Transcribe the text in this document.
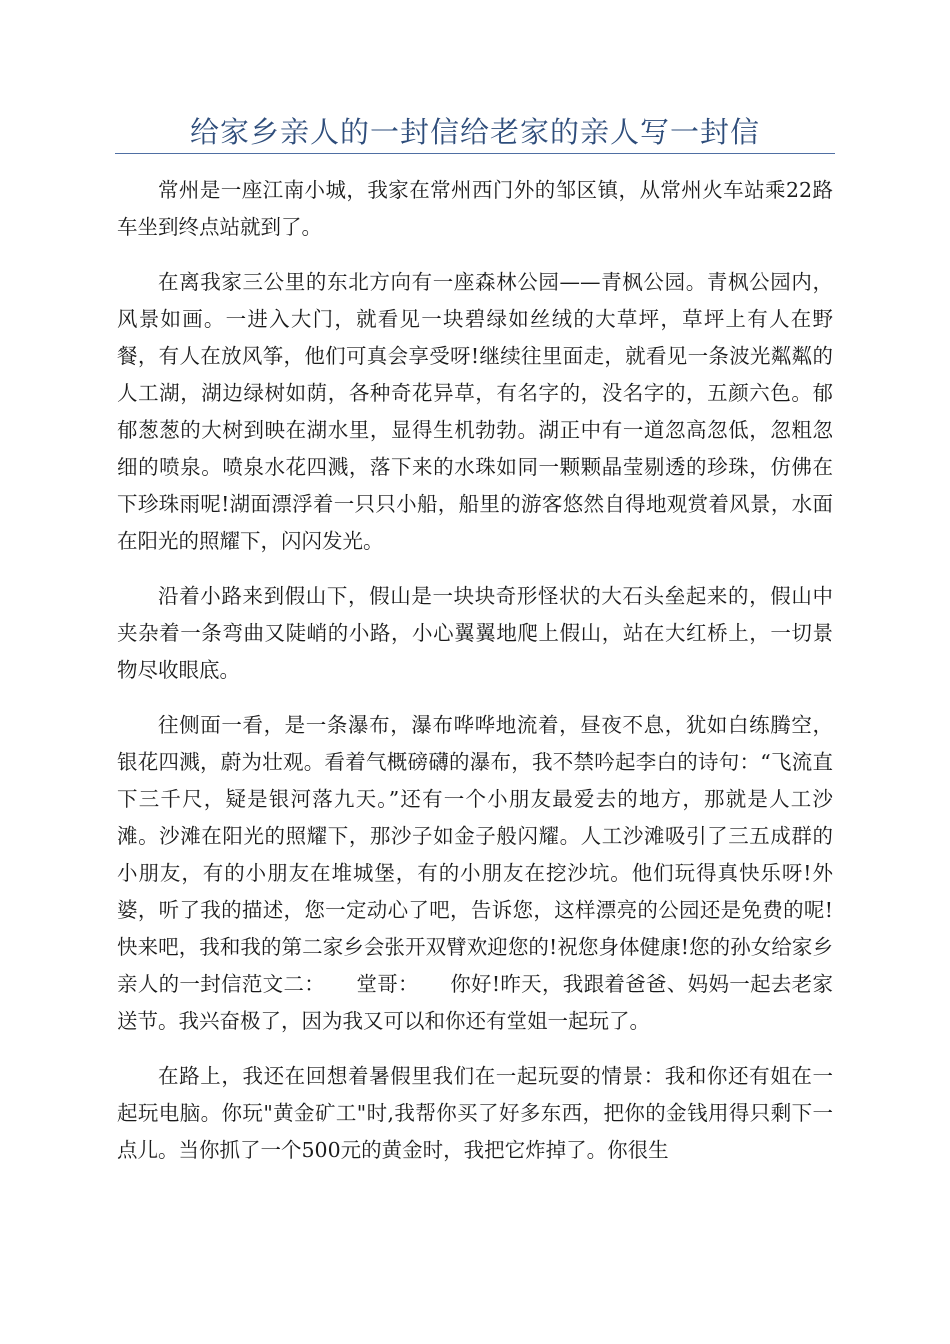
给家乡亲人的一封信给老家的亲人写一封信

常州是一座江南小城，我家在常州西门外的邹区镇，从常州火车站乘22路车坐到终点站就到了。

在离我家三公里的东北方向有一座森林公园——青枫公园。青枫公园内，风景如画。一进入大门，就看见一块碧绿如丝绒的大草坪，草坪上有人在野餐，有人在放风筝，他们可真会享受呀!继续往里面走，就看见一条波光粼粼的人工湖，湖边绿树如荫，各种奇花异草，有名字的，没名字的，五颜六色。郁郁葱葱的大树到映在湖水里，显得生机勃勃。湖正中有一道忽高忽低，忽粗忽细的喷泉。喷泉水花四溅，落下来的水珠如同一颗颗晶莹剔透的珍珠，仿佛在下珍珠雨呢!湖面漂浮着一只只小船，船里的游客悠然自得地观赏着风景，水面在阳光的照耀下，闪闪发光。

沿着小路来到假山下，假山是一块块奇形怪状的大石头垒起来的，假山中夹杂着一条弯曲又陡峭的小路，小心翼翼地爬上假山，站在大红桥上，一切景物尽收眼底。

往侧面一看，是一条瀑布，瀑布哗哗地流着，昼夜不息，犹如白练腾空，银花四溅，蔚为壮观。看着气概磅礴的瀑布，我不禁吟起李白的诗句：“飞流直下三千尺，疑是银河落九天。”还有一个小朋友最爱去的地方，那就是人工沙滩。沙滩在阳光的照耀下，那沙子如金子般闪耀。人工沙滩吸引了三五成群的小朋友，有的小朋友在堆城堡，有的小朋友在挖沙坑。他们玩得真快乐呀!外婆，听了我的描述，您一定动心了吧，告诉您，这样漂亮的公园还是免费的呢!快来吧，我和我的第二家乡会张开双臂欢迎您的!祝您身体健康!您的孙女给家乡亲人的一封信范文二：　　堂哥：　　你好!昨天，我跟着爸爸、妈妈一起去老家送节。我兴奋极了，因为我又可以和你还有堂姐一起玩了。

在路上，我还在回想着暑假里我们在一起玩耍的情景：我和你还有姐在一起玩电脑。你玩"黄金矿工"时,我帮你买了好多东西，把你的金钱用得只剩下一点儿。当你抓了一个500元的黄金时，我把它炸掉了。你很生
